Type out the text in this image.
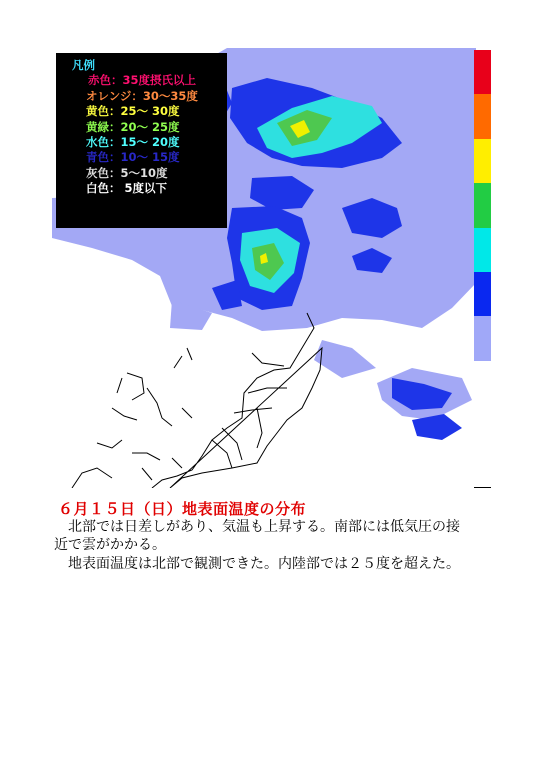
凡例
赤色：35度摂氏以上
オレンジ：30〜35度
黄色：25〜 30度
黄緑：20〜 25度
水色：15〜 20度
青色：10〜 15度
灰色：5〜10度
白色： 5度以下
６月１５日（日）地表面温度の分布
　北部では日差しがあり、気温も上昇する。南部には低気圧の接近で雲がかかる。
　地表面温度は北部で観測できた。内陸部では２５度を超えた。
